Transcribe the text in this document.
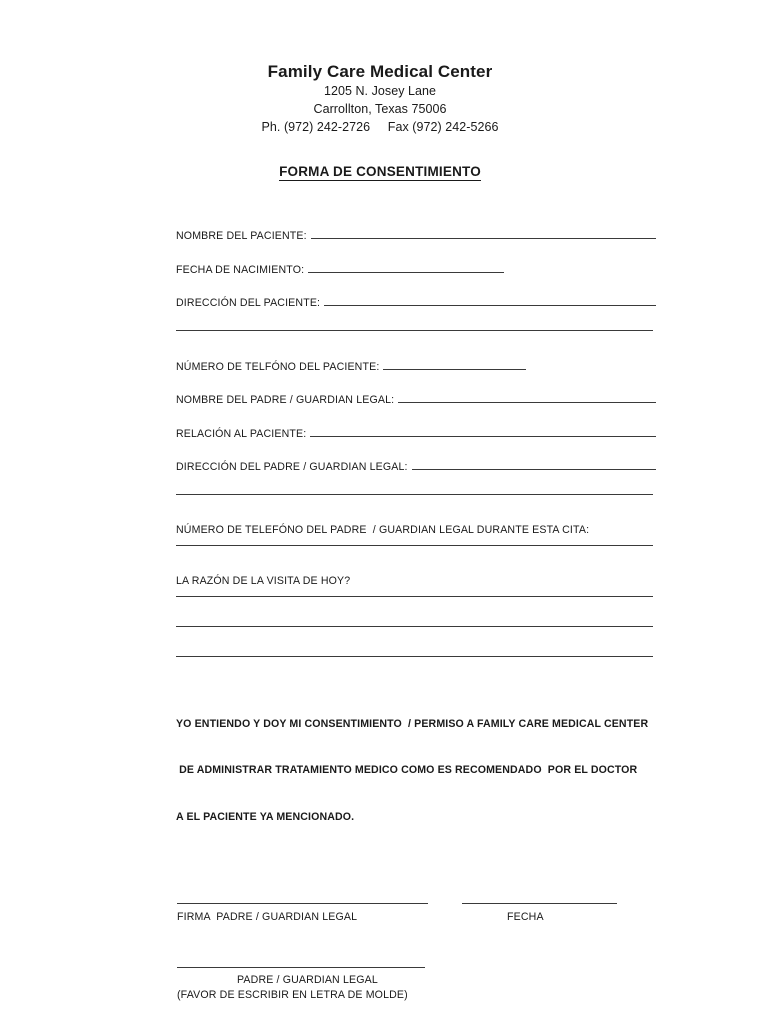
Family Care Medical Center
1205 N. Josey Lane
Carrollton, Texas 75006
Ph. (972) 242-2726     Fax (972) 242-5266
FORMA DE CONSENTIMIENTO
NOMBRE DEL PACIENTE:
FECHA DE NACIMIENTO:
DIRECCIÓN DEL PACIENTE:
NÚMERO DE TELFÓNO DEL PACIENTE:
NOMBRE DEL PADRE / GUARDIAN LEGAL:
RELACIÓN AL PACIENTE:
DIRECCIÓN DEL PADRE / GUARDIAN LEGAL:
NÚMERO DE TELEFÓNO DEL PADRE  / GUARDIAN LEGAL DURANTE ESTA CITA:
LA RAZÓN DE LA VISITA DE HOY?

YO ENTIENDO Y DOY MI CONSENTIMIENTO  / PERMISO A FAMILY CARE MEDICAL CENTER

DE ADMINISTRAR TRATAMIENTO MEDICO COMO ES RECOMENDADO  POR EL DOCTOR

A EL PACIENTE YA MENCIONADO.

FIRMA  PADRE / GUARDIAN LEGAL	FECHA
PADRE / GUARDIAN LEGAL
(FAVOR DE ESCRIBIR EN LETRA DE MOLDE)
